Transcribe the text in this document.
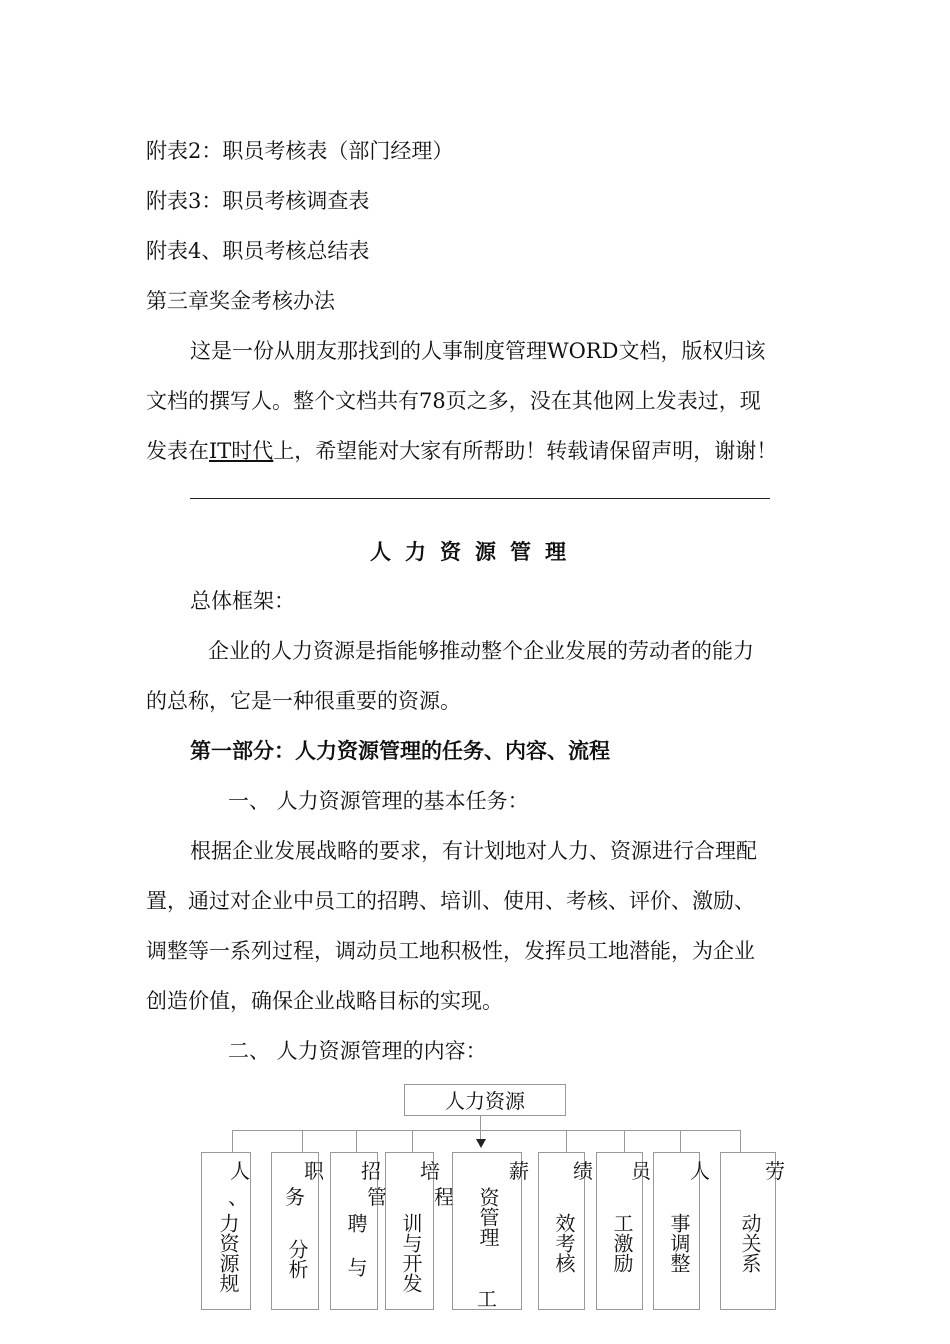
附表2：职员考核表（部门经理）
附表3：职员考核调查表
附表4、职员考核总结表
第三章奖金考核办法
这是一份从朋友那找到的人事制度管理WORD文档，版权归该
文档的撰写人。整个文档共有78页之多，没在其他网上发表过，现
发表在IT时代上，希望能对大家有所帮助！转载请保留声明，谢谢！
人力资源管理
总体框架：
企业的人力资源是指能够推动整个企业发展的劳动者的能力
的总称，它是一种很重要的资源。
第一部分：人力资源管理的任务、内容、流程
一、 人力资源管理的基本任务：
根据企业发展战略的要求，有计划地对人力、资源进行合理配
置，通过对企业中员工的招聘、培训、使用、考核、评价、激励、
调整等一系列过程，调动员工地积极性，发挥员工地潜能，为企业
创造价值，确保企业战略目标的实现。
二、 人力资源管理的内容：
人力资源
人
、
力资源规
职
务
分析
招
管
聘与
培
程
训与开发
薪
资管理
工
绩
效考核
员
工激励
人
事调整
劳
动关系
